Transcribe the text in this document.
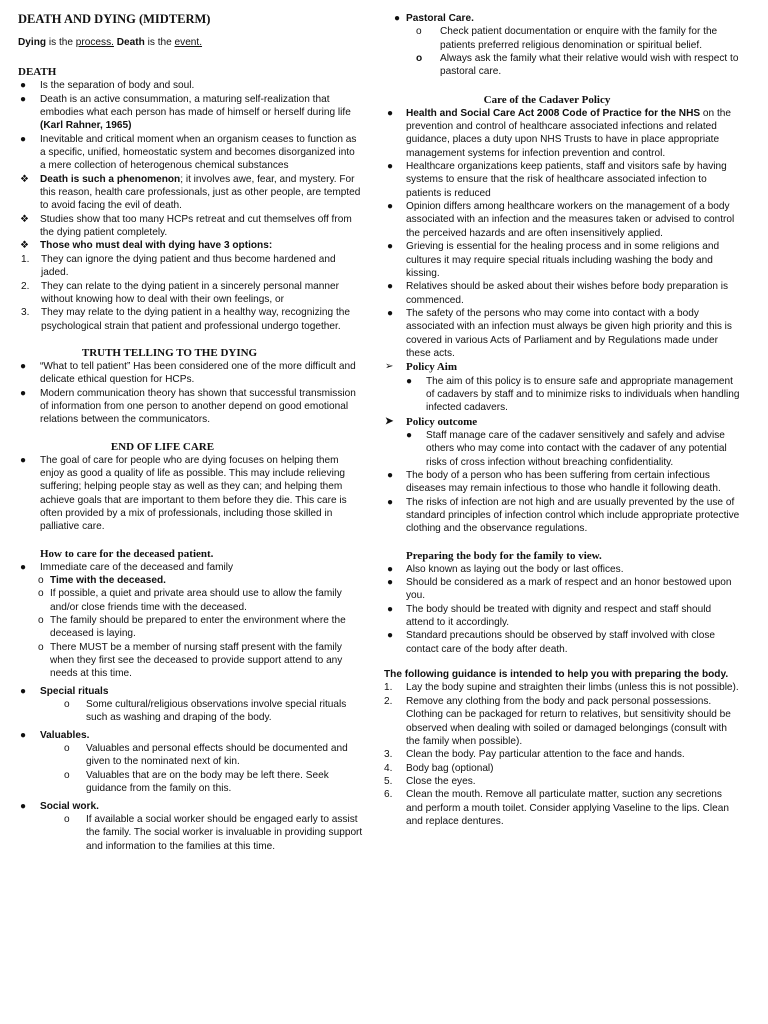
DEATH AND DYING (MIDTERM)

Dying is the process. Death is the event.

DEATH
● Is the separation of body and soul.
● Death is an active consummation, a maturing self-realization that embodies what each person has made of himself or herself during life (Karl Rahner, 1965)
● Inevitable and critical moment when an organism ceases to function as a specific, unified, homeostatic system and becomes disorganized into a mere collection of heterogenous chemical substances
❖ Death is such a phenomenon; it involves awe, fear, and mystery. For this reason, health care professionals, just as other people, are tempted to avoid facing the evil of death.
❖ Studies show that too many HCPs retreat and cut themselves off from the dying patient completely.
❖ Those who must deal with dying have 3 options:
1. They can ignore the dying patient and thus become hardened and jaded.
2. They can relate to the dying patient in a sincerely personal manner without knowing how to deal with their own feelings, or
3. They may relate to the dying patient in a healthy way, recognizing the psychological strain that patient and professional undergo together.
TRUTH TELLING TO THE DYING
● “What to tell patient” Has been considered one of the more difficult and delicate ethical question for HCPs.
● Modern communication theory has shown that successful transmission of information from one person to another depend on good emotional relations between the communicators.
END OF LIFE CARE
● The goal of care for people who are dying focuses on helping them enjoy as good a quality of life as possible. This may include relieving suffering; helping people stay as well as they can; and helping them achieve goals that are important to them before they die. This care is often provided by a mix of professionals, including those skilled in palliative care.
How to care for the deceased patient.
● Immediate care of the deceased and family
o Time with the deceased.
o If possible, a quiet and private area should use to allow the family and/or close friends time with the deceased.
o The family should be prepared to enter the environment where the deceased is laying.
o There MUST be a member of nursing staff present with the family when they first see the deceased to provide support attend to any needs at this time.
● Special rituals
o Some cultural/religious observations involve special rituals such as washing and draping of the body.
● Valuables.
o Valuables and personal effects should be documented and given to the nominated next of kin.
o Valuables that are on the body may be left there. Seek guidance from the family on this.
● Social work.
o If available a social worker should be engaged early to assist the family. The social worker is invaluable in providing support and information to the families at this time.
● Pastoral Care.
o Check patient documentation or enquire with the family for the patients preferred religious denomination or spiritual belief.
o Always ask the family what their relative would wish with respect to pastoral care.
Care of the Cadaver Policy
● Health and Social Care Act 2008 Code of Practice for the NHS on the prevention and control of healthcare associated infections and related guidance, places a duty upon NHS Trusts to have in place appropriate management systems for infection prevention and control.
● Healthcare organizations keep patients, staff and visitors safe by having systems to ensure that the risk of healthcare associated infection to patients is reduced
● Opinion differs among healthcare workers on the management of a body associated with an infection and the measures taken or advised to control the perceived hazards and are often insensitively applied.
● Grieving is essential for the healing process and in some religions and cultures it may require special rituals including washing the body and kissing.
● Relatives should be asked about their wishes before body preparation is commenced.
● The safety of the persons who may come into contact with a body associated with an infection must always be given high priority and this is covered in various Acts of Parliament and by Regulations made under these acts.
➢ Policy Aim
● The aim of this policy is to ensure safe and appropriate management of cadavers by staff and to minimize risks to individuals when handling infected cadavers.
➤ Policy outcome
● Staff manage care of the cadaver sensitively and safely and advise others who may come into contact with the cadaver of any potential risks of cross infection without breaching confidentiality.
● The body of a person who has been suffering from certain infectious diseases may remain infectious to those who handle it following death.
● The risks of infection are not high and are usually prevented by the use of standard principles of infection control which include appropriate protective clothing and the observance regulations.
Preparing the body for the family to view.
● Also known as laying out the body or last offices.
● Should be considered as a mark of respect and an honor bestowed upon you.
● The body should be treated with dignity and respect and staff should attend to it accordingly.
● Standard precautions should be observed by staff involved with close contact care of the body after death.
The following guidance is intended to help you with preparing the body.
1. Lay the body supine and straighten their limbs (unless this is not possible).
2. Remove any clothing from the body and pack personal possessions.
Clothing can be packaged for return to relatives, but sensitivity should be observed when dealing with soiled or damaged belongings (consult with the family when possible).
3. Clean the body. Pay particular attention to the face and hands.
4. Body bag (optional)
5. Close the eyes.
6. Clean the mouth. Remove all particulate matter, suction any secretions and perform a mouth toilet. Consider applying Vaseline to the lips. Clean and replace dentures.
